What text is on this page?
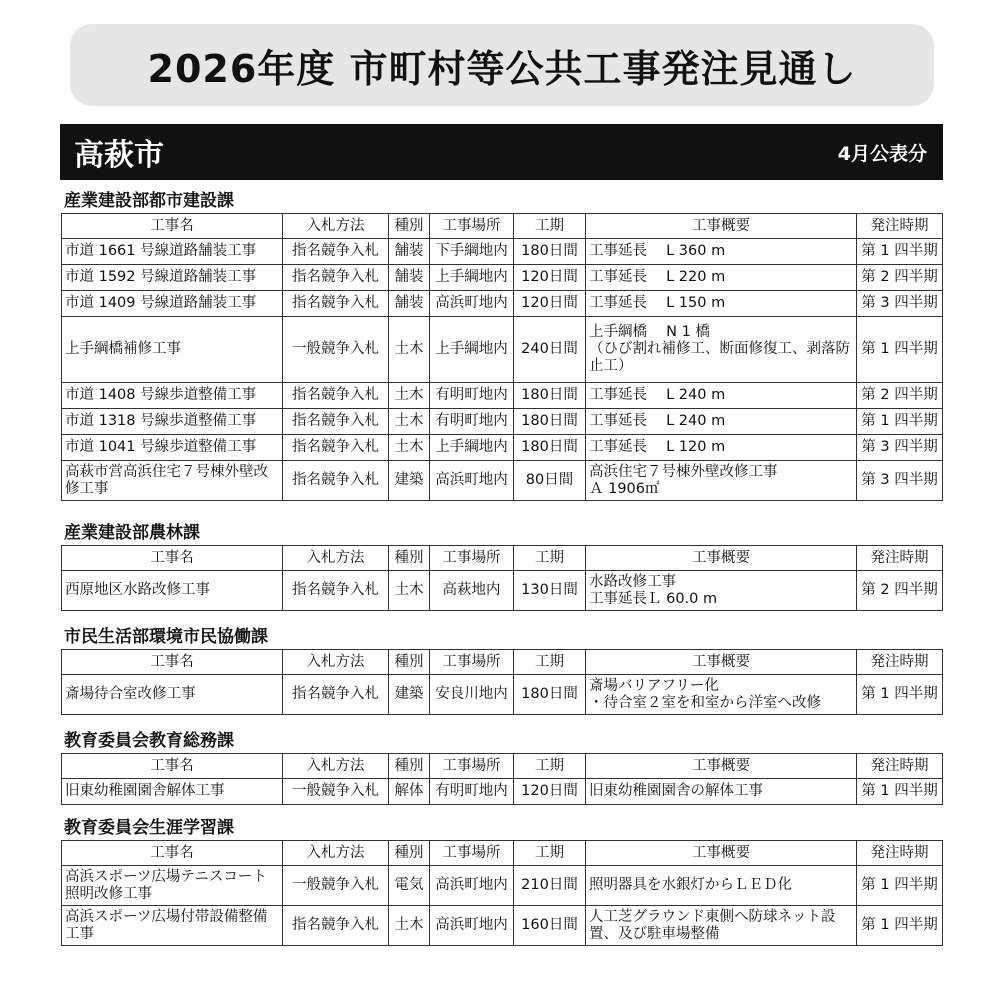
2026年度 市町村等公共工事発注見通し
高萩市	4月公表分
産業建設部都市建設課
工事名	入札方法	種別	工事場所	工期	工事概要	発注時期
市道 1661 号線道路舗装工事	指名競争入札	舗装	下手綱地内	180日間	工事延長　 L 360 m	第 1 四半期
市道 1592 号線道路舗装工事	指名競争入札	舗装	上手綱地内	120日間	工事延長　 L 220 m	第 2 四半期
市道 1409 号線道路舗装工事	指名競争入札	舗装	高浜町地内	120日間	工事延長　 L 150 m	第 3 四半期
上手綱橋補修工事	一般競争入札	土木	上手綱地内	240日間	上手綱橋　 N 1 橋
（ひび割れ補修工、断面修復工、剥落防止工）	第 1 四半期
市道 1408 号線歩道整備工事	指名競争入札	土木	有明町地内	180日間	工事延長　 L 240 m	第 2 四半期
市道 1318 号線歩道整備工事	指名競争入札	土木	有明町地内	180日間	工事延長　 L 240 m	第 1 四半期
市道 1041 号線歩道整備工事	指名競争入札	土木	上手綱地内	180日間	工事延長　 L 120 m	第 3 四半期
高萩市営高浜住宅７号棟外壁改修工事	指名競争入札	建築	高浜町地内	80日間	高浜住宅７号棟外壁改修工事
Ａ 1906㎡	第 3 四半期
産業建設部農林課
工事名	入札方法	種別	工事場所	工期	工事概要	発注時期
西原地区水路改修工事	指名競争入札	土木	高萩地内	130日間	水路改修工事
工事延長Ｌ 60.0 m	第 2 四半期
市民生活部環境市民協働課
工事名	入札方法	種別	工事場所	工期	工事概要	発注時期
斎場待合室改修工事	指名競争入札	建築	安良川地内	180日間	斎場バリアフリー化
・待合室２室を和室から洋室へ改修	第 1 四半期
教育委員会教育総務課
工事名	入札方法	種別	工事場所	工期	工事概要	発注時期
旧東幼稚園園舎解体工事	一般競争入札	解体	有明町地内	120日間	旧東幼稚園園舎の解体工事	第 1 四半期
教育委員会生涯学習課
工事名	入札方法	種別	工事場所	工期	工事概要	発注時期
高浜スポーツ広場テニスコート照明改修工事	一般競争入札	電気	高浜町地内	210日間	照明器具を水銀灯からＬＥＤ化	第 1 四半期
高浜スポーツ広場付帯設備整備工事	指名競争入札	土木	高浜町地内	160日間	人工芝グラウンド東側へ防球ネット設置、及び駐車場整備	第 1 四半期
